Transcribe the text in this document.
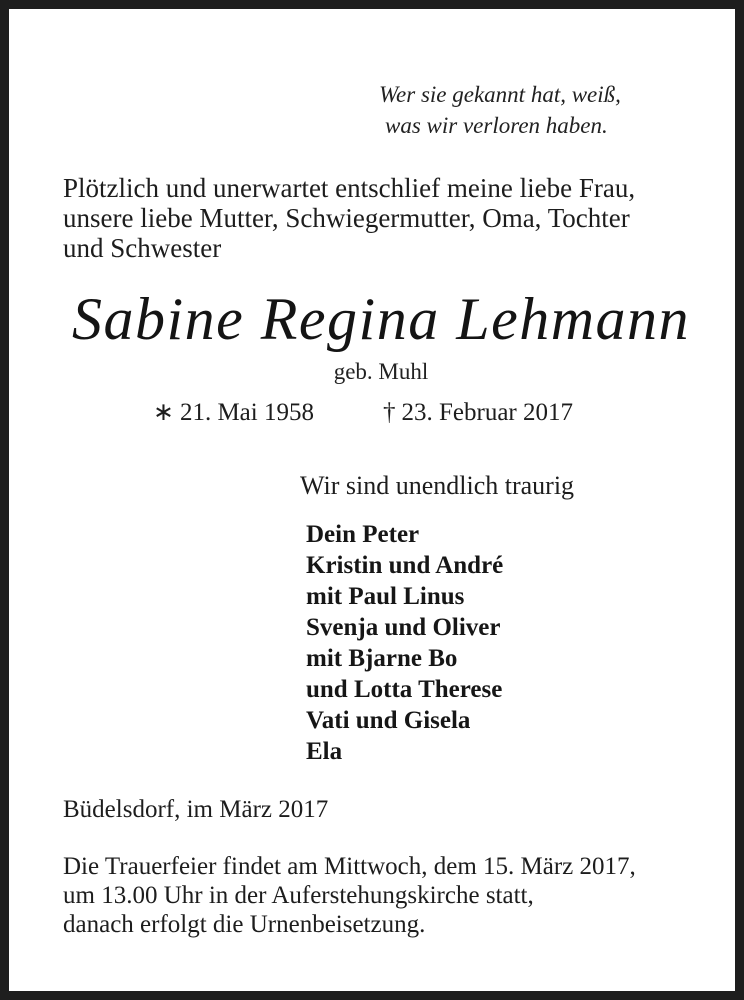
Wer sie gekannt hat, weiß,
was wir verloren haben.
Plötzlich und unerwartet entschlief meine liebe Frau,
unsere liebe Mutter, Schwiegermutter, Oma, Tochter
und Schwester
Sabine Regina Lehmann
geb. Muhl
∗ 21. Mai 1958	† 23. Februar 2017
Wir sind unendlich traurig
Dein Peter
Kristin und André
mit Paul Linus
Svenja und Oliver
mit Bjarne Bo
und Lotta Therese
Vati und Gisela
Ela
Büdelsdorf, im März 2017
Die Trauerfeier findet am Mittwoch, dem 15. März 2017,
um 13.00 Uhr in der Auferstehungskirche statt,
danach erfolgt die Urnenbeisetzung.
